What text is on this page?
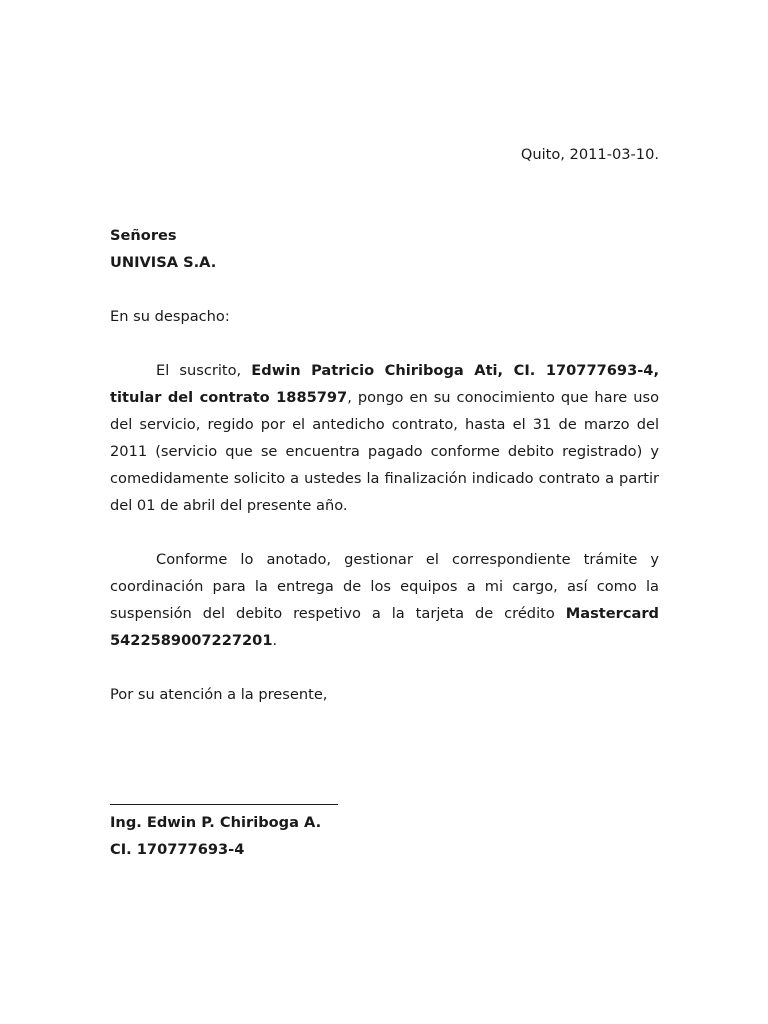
Quito, 2011-03-10.

Señores
UNIVISA S.A.

En su despacho:

El suscrito, Edwin Patricio Chiriboga Ati, CI. 170777693-4, titular del contrato 1885797, pongo en su conocimiento que hare uso del servicio, regido por el antedicho contrato, hasta el 31 de marzo del 2011 (servicio que se encuentra pagado conforme debito registrado) y comedidamente solicito a ustedes la finalización indicado contrato a partir del 01 de abril del presente año.

Conforme lo anotado, gestionar el correspondiente trámite y coordinación para la entrega de los equipos a mi cargo, así como la suspensión del debito respetivo a la tarjeta de crédito Mastercard 5422589007227201.

Por su atención a la presente,

Ing. Edwin P. Chiriboga A.
CI. 170777693-4
